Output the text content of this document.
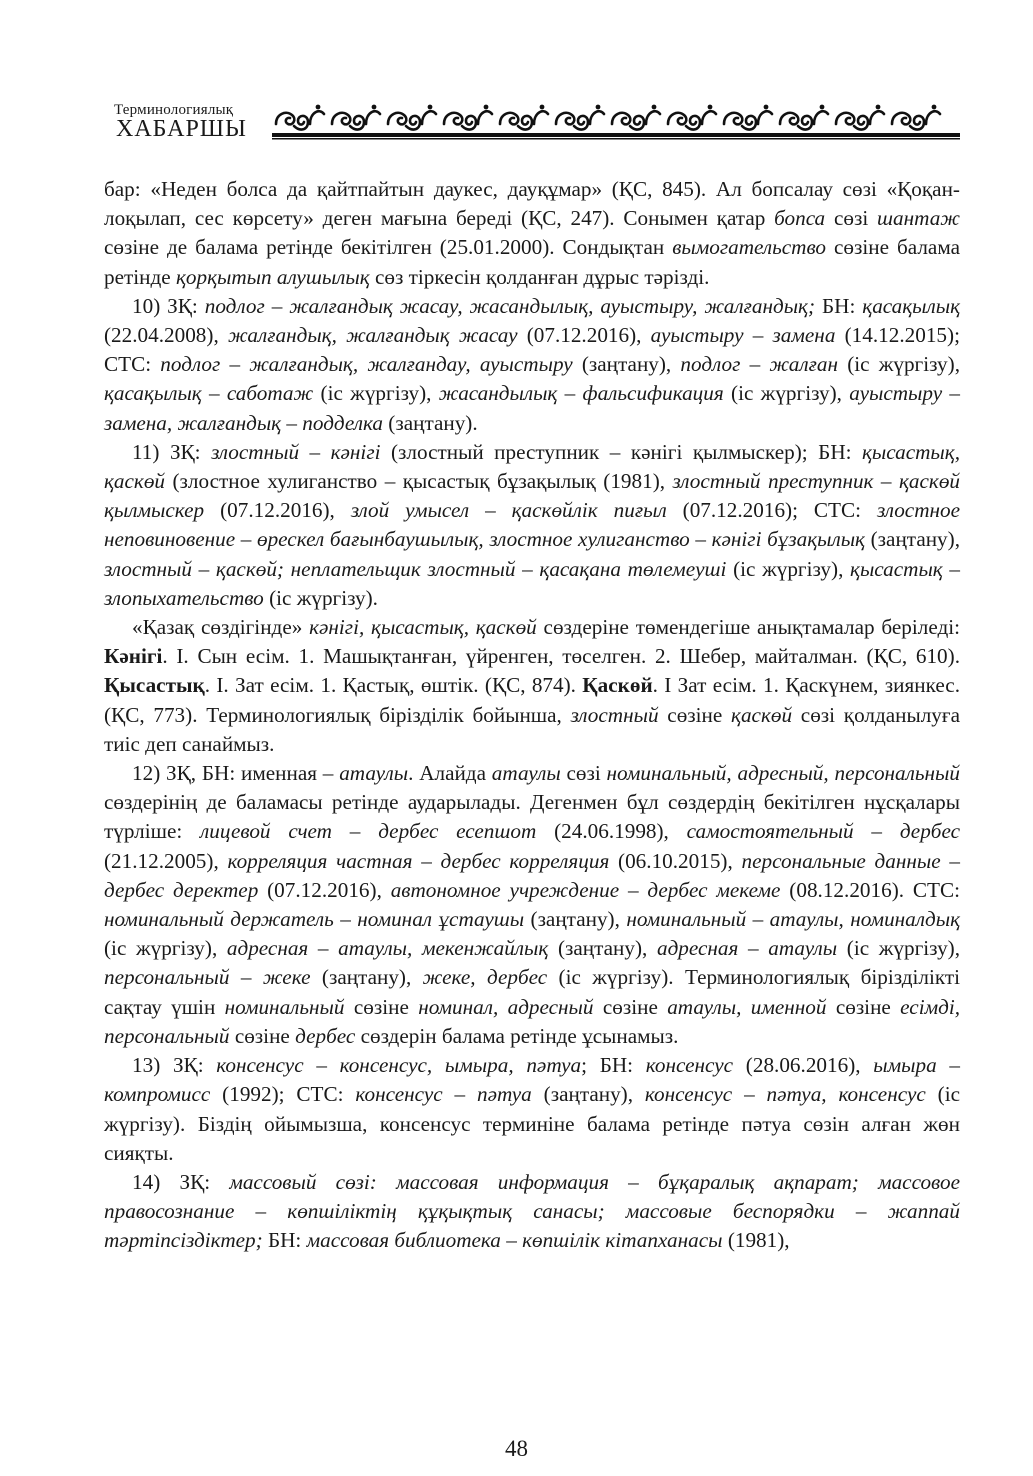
Терминологиялық
ХАБАРШЫ

бар: «Неден болса да қайтпайтын даукес, дауқұмар» (ҚС, 845). Ал бопсалау сөзі «Қоқан-лоқылап, сес көрсету» деген мағына береді (ҚС, 247). Сонымен қатар бопса сөзі шантаж сөзіне де балама ретінде бекітілген (25.01.2000). Сондықтан вымогательство сөзіне балама ретінде қорқытып алушылық сөз тіркесін қолданған дұрыс тәрізді.

10) ЗҚ: подлог – жалғандық жасау, жасандылық, ауыстыру, жалғандық; БН: қасақылық (22.04.2008), жалғандық, жалғандық жасау (07.12.2016), ауыстыру – замена (14.12.2015); СТС: подлог – жалғандық, жалғандау, ауыстыру (заңтану), подлог – жалған (іс жүргізу), қасақылық – саботаж (іс жүргізу), жасандылық – фальсификация (іс жүргізу), ауыстыру – замена, жалғандық – подделка (заңтану).

11) ЗҚ: злостный – кәнігі (злостный преступник – кәнігі қылмыскер); БН: қысастық, қаскөй (злостное хулиганство – қысастық бұзақылық (1981), злостный преступник – қаскөй қылмыскер (07.12.2016), злой умысел – қаскөйлік пиғыл (07.12.2016); СТС: злостное неповиновение – өрескел бағынбаушылық, злостное хулиганство – кәнігі бұзақылық (заңтану), злостный – қаскөй; неплательщик злостный – қасақана төлемеуші (іс жүргізу), қысастық – злопыхательство (іс жүргізу).

«Қазақ сөздігінде» кәнігі, қысастық, қаскөй сөздеріне төмендегіше анықтамалар беріледі: Кәнігі. І. Сын есім. 1. Машықтанған, үйренген, төселген. 2. Шебер, майталман. (ҚС, 610). Қысастық. І. Зат есім. 1. Қастық, өштік. (ҚС, 874). Қаскөй. І Зат есім. 1. Қаскүнем, зиянкес. (ҚС, 773). Терминологиялық біріздiлiк бойынша, злостный сөзіне қаскөй сөзі қолданылуға тиіс деп санаймыз.

12) ЗҚ, БН: именная – атаулы. Алайда атаулы сөзі номинальный, адресный, персональный сөздерінің де баламасы ретінде аударылады. Дегенмен бұл сөздердің бекітілген нұсқалары түрліше: лицевой счет – дербес есепшот (24.06.1998), самостоятельный – дербес (21.12.2005), корреляция частная – дербес корреляция (06.10.2015), персональные данные – дербес деректер (07.12.2016), автономное учреждение – дербес мекеме (08.12.2016). СТС: номинальный держатель – номинал ұстаушы (заңтану), номинальный – атаулы, номиналдық (іс жүргізу), адресная – атаулы, мекенжайлық (заңтану), адресная – атаулы (іс жүргізу), персональный – жеке (заңтану), жеке, дербес (іс жүргізу). Терминологиялық біріздiлiкті сақтау үшін номинальный сөзіне номинал, адресный сөзіне атаулы, именной сөзіне есімді, персональный сөзіне дербес сөздерін балама ретінде ұсынамыз.

13) ЗҚ: консенсус – консенсус, ымыра, пәтуа; БН: консенсус (28.06.2016), ымыра – компромисс (1992); СТС: консенсус – пәтуа (заңтану), консенсус – пәтуа, консенсус (іс жүргізу). Біздің ойымызша, консенсус терминіне балама ретінде пәтуа сөзін алған жөн сияқты.

14) ЗҚ: массовый сөзі: массовая информация – бұқаралық ақпарат; массовое правосознание – көпшіліктің құқықтық санасы; массовые беспорядки – жаппай тәртіпсіздіктер; БН: массовая библиотека – көпшілік кітапханасы (1981),

48
